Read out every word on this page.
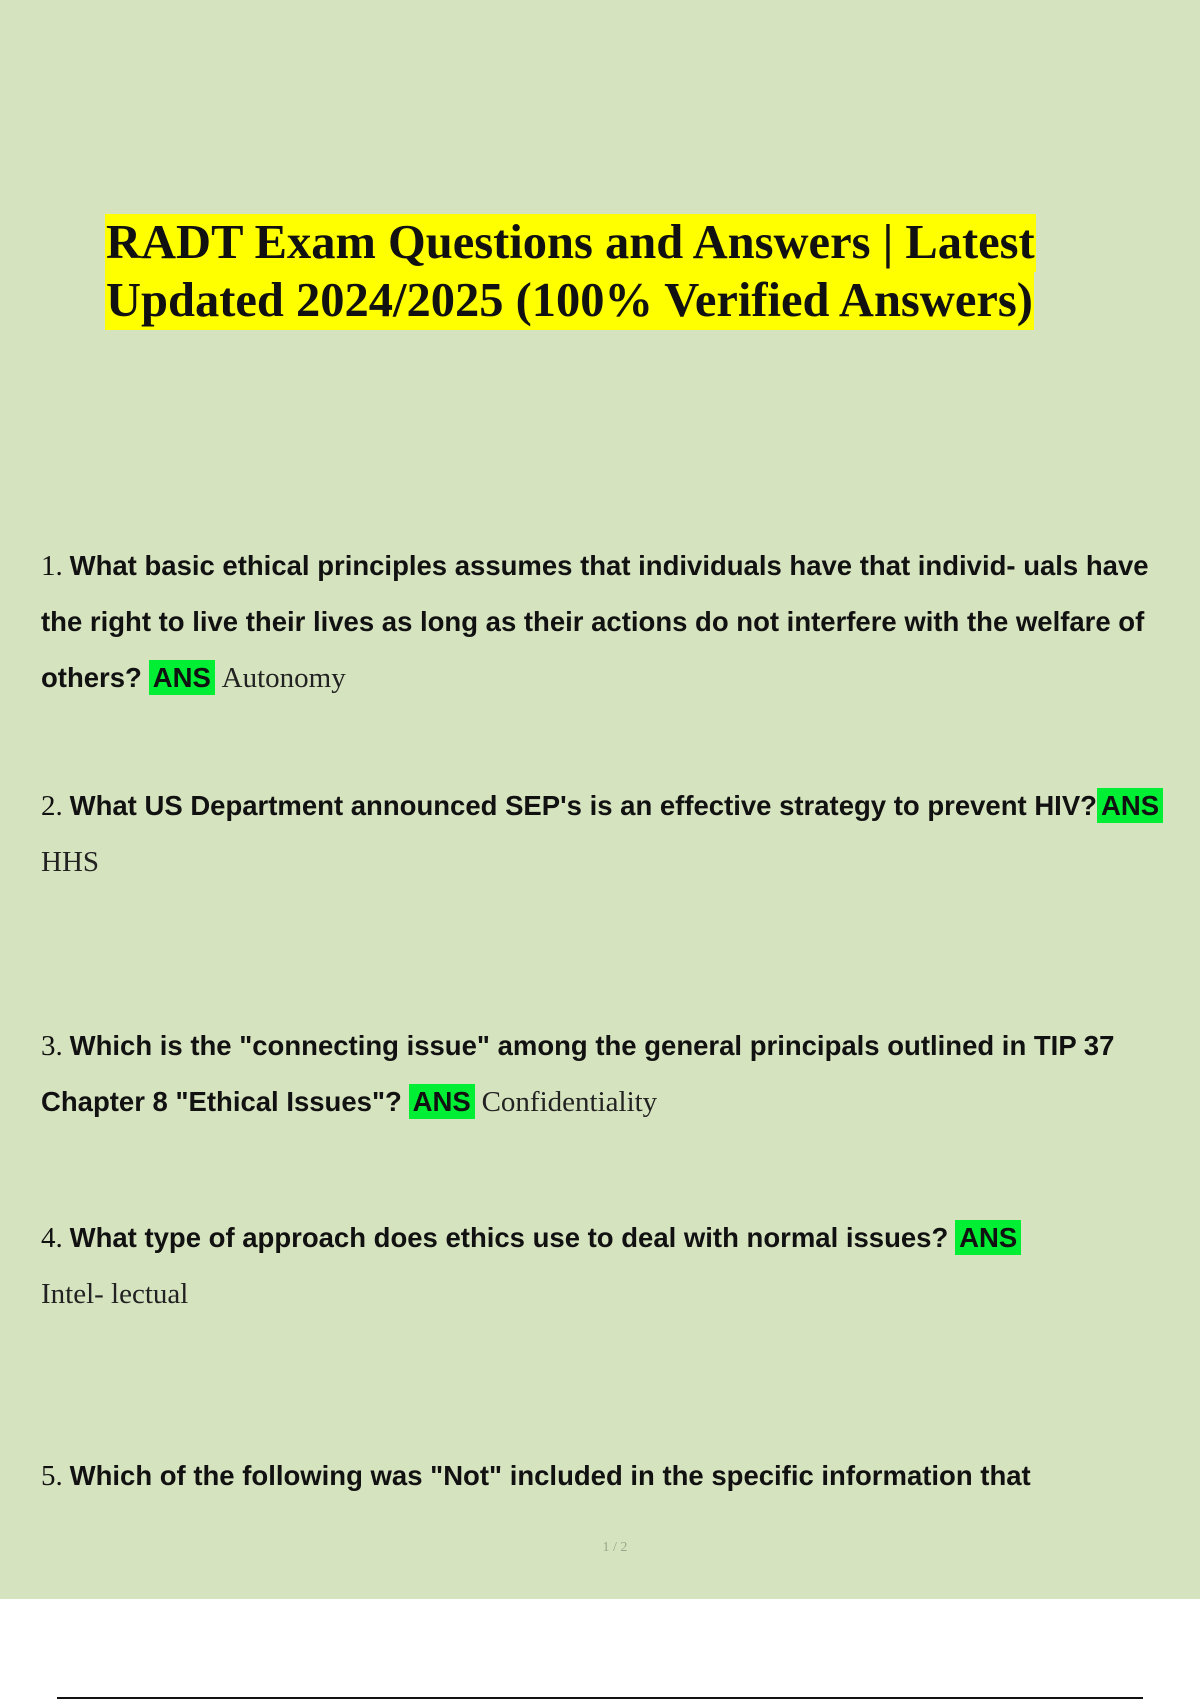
RADT Exam Questions and Answers | Latest
Updated 2024/2025 (100% Verified Answers)
1. What basic ethical principles assumes that individuals have that individ- uals have the right to live their lives as long as their actions do not interfere with the welfare of others? ANS Autonomy
2. What US Department announced SEP's is an effective strategy to prevent HIV? ANS HHS
3. Which is the "connecting issue" among the general principals outlined in TIP 37 Chapter 8 "Ethical Issues"? ANS Confidentiality
4. What type of approach does ethics use to deal with normal issues? ANS
Intel- lectual
5. Which of the following was "Not" included in the specific information that
1 / 2
